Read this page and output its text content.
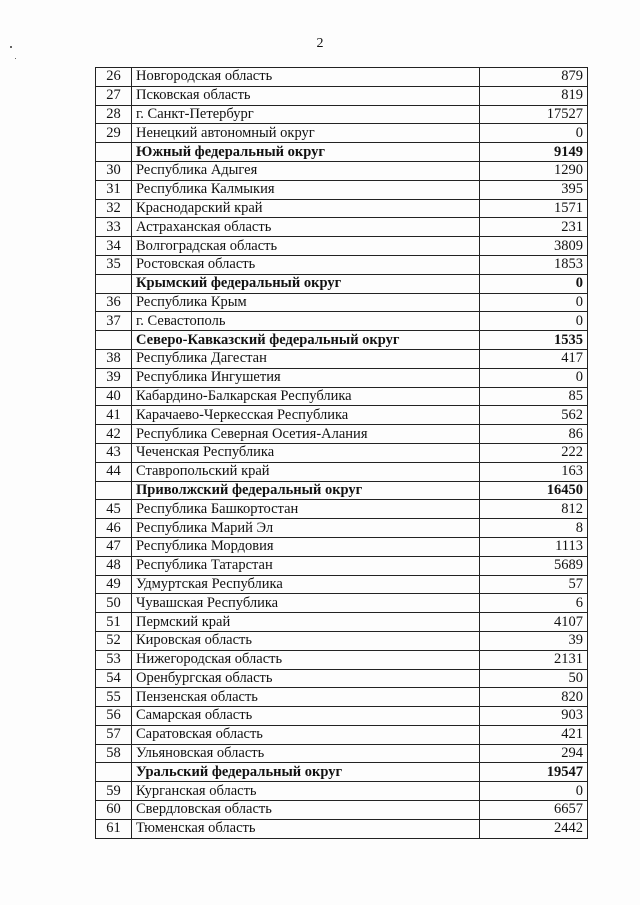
2
26	Новгородская область	879
27	Псковская область	819
28	г. Санкт-Петербург	17527
29	Ненецкий автономный округ	0
	Южный федеральный округ	9149
30	Республика Адыгея	1290
31	Республика Калмыкия	395
32	Краснодарский край	1571
33	Астраханская область	231
34	Волгоградская область	3809
35	Ростовская область	1853
	Крымский федеральный округ	0
36	Республика Крым	0
37	г. Севастополь	0
	Северо-Кавказский федеральный округ	1535
38	Республика Дагестан	417
39	Республика Ингушетия	0
40	Кабардино-Балкарская Республика	85
41	Карачаево-Черкесская Республика	562
42	Республика Северная Осетия-Алания	86
43	Чеченская Республика	222
44	Ставропольский край	163
	Приволжский федеральный округ	16450
45	Республика Башкортостан	812
46	Республика Марий Эл	8
47	Республика Мордовия	1113
48	Республика Татарстан	5689
49	Удмуртская Республика	57
50	Чувашская Республика	6
51	Пермский край	4107
52	Кировская область	39
53	Нижегородская область	2131
54	Оренбургская область	50
55	Пензенская область	820
56	Самарская область	903
57	Саратовская область	421
58	Ульяновская область	294
	Уральский федеральный округ	19547
59	Курганская область	0
60	Свердловская область	6657
61	Тюменская область	2442
